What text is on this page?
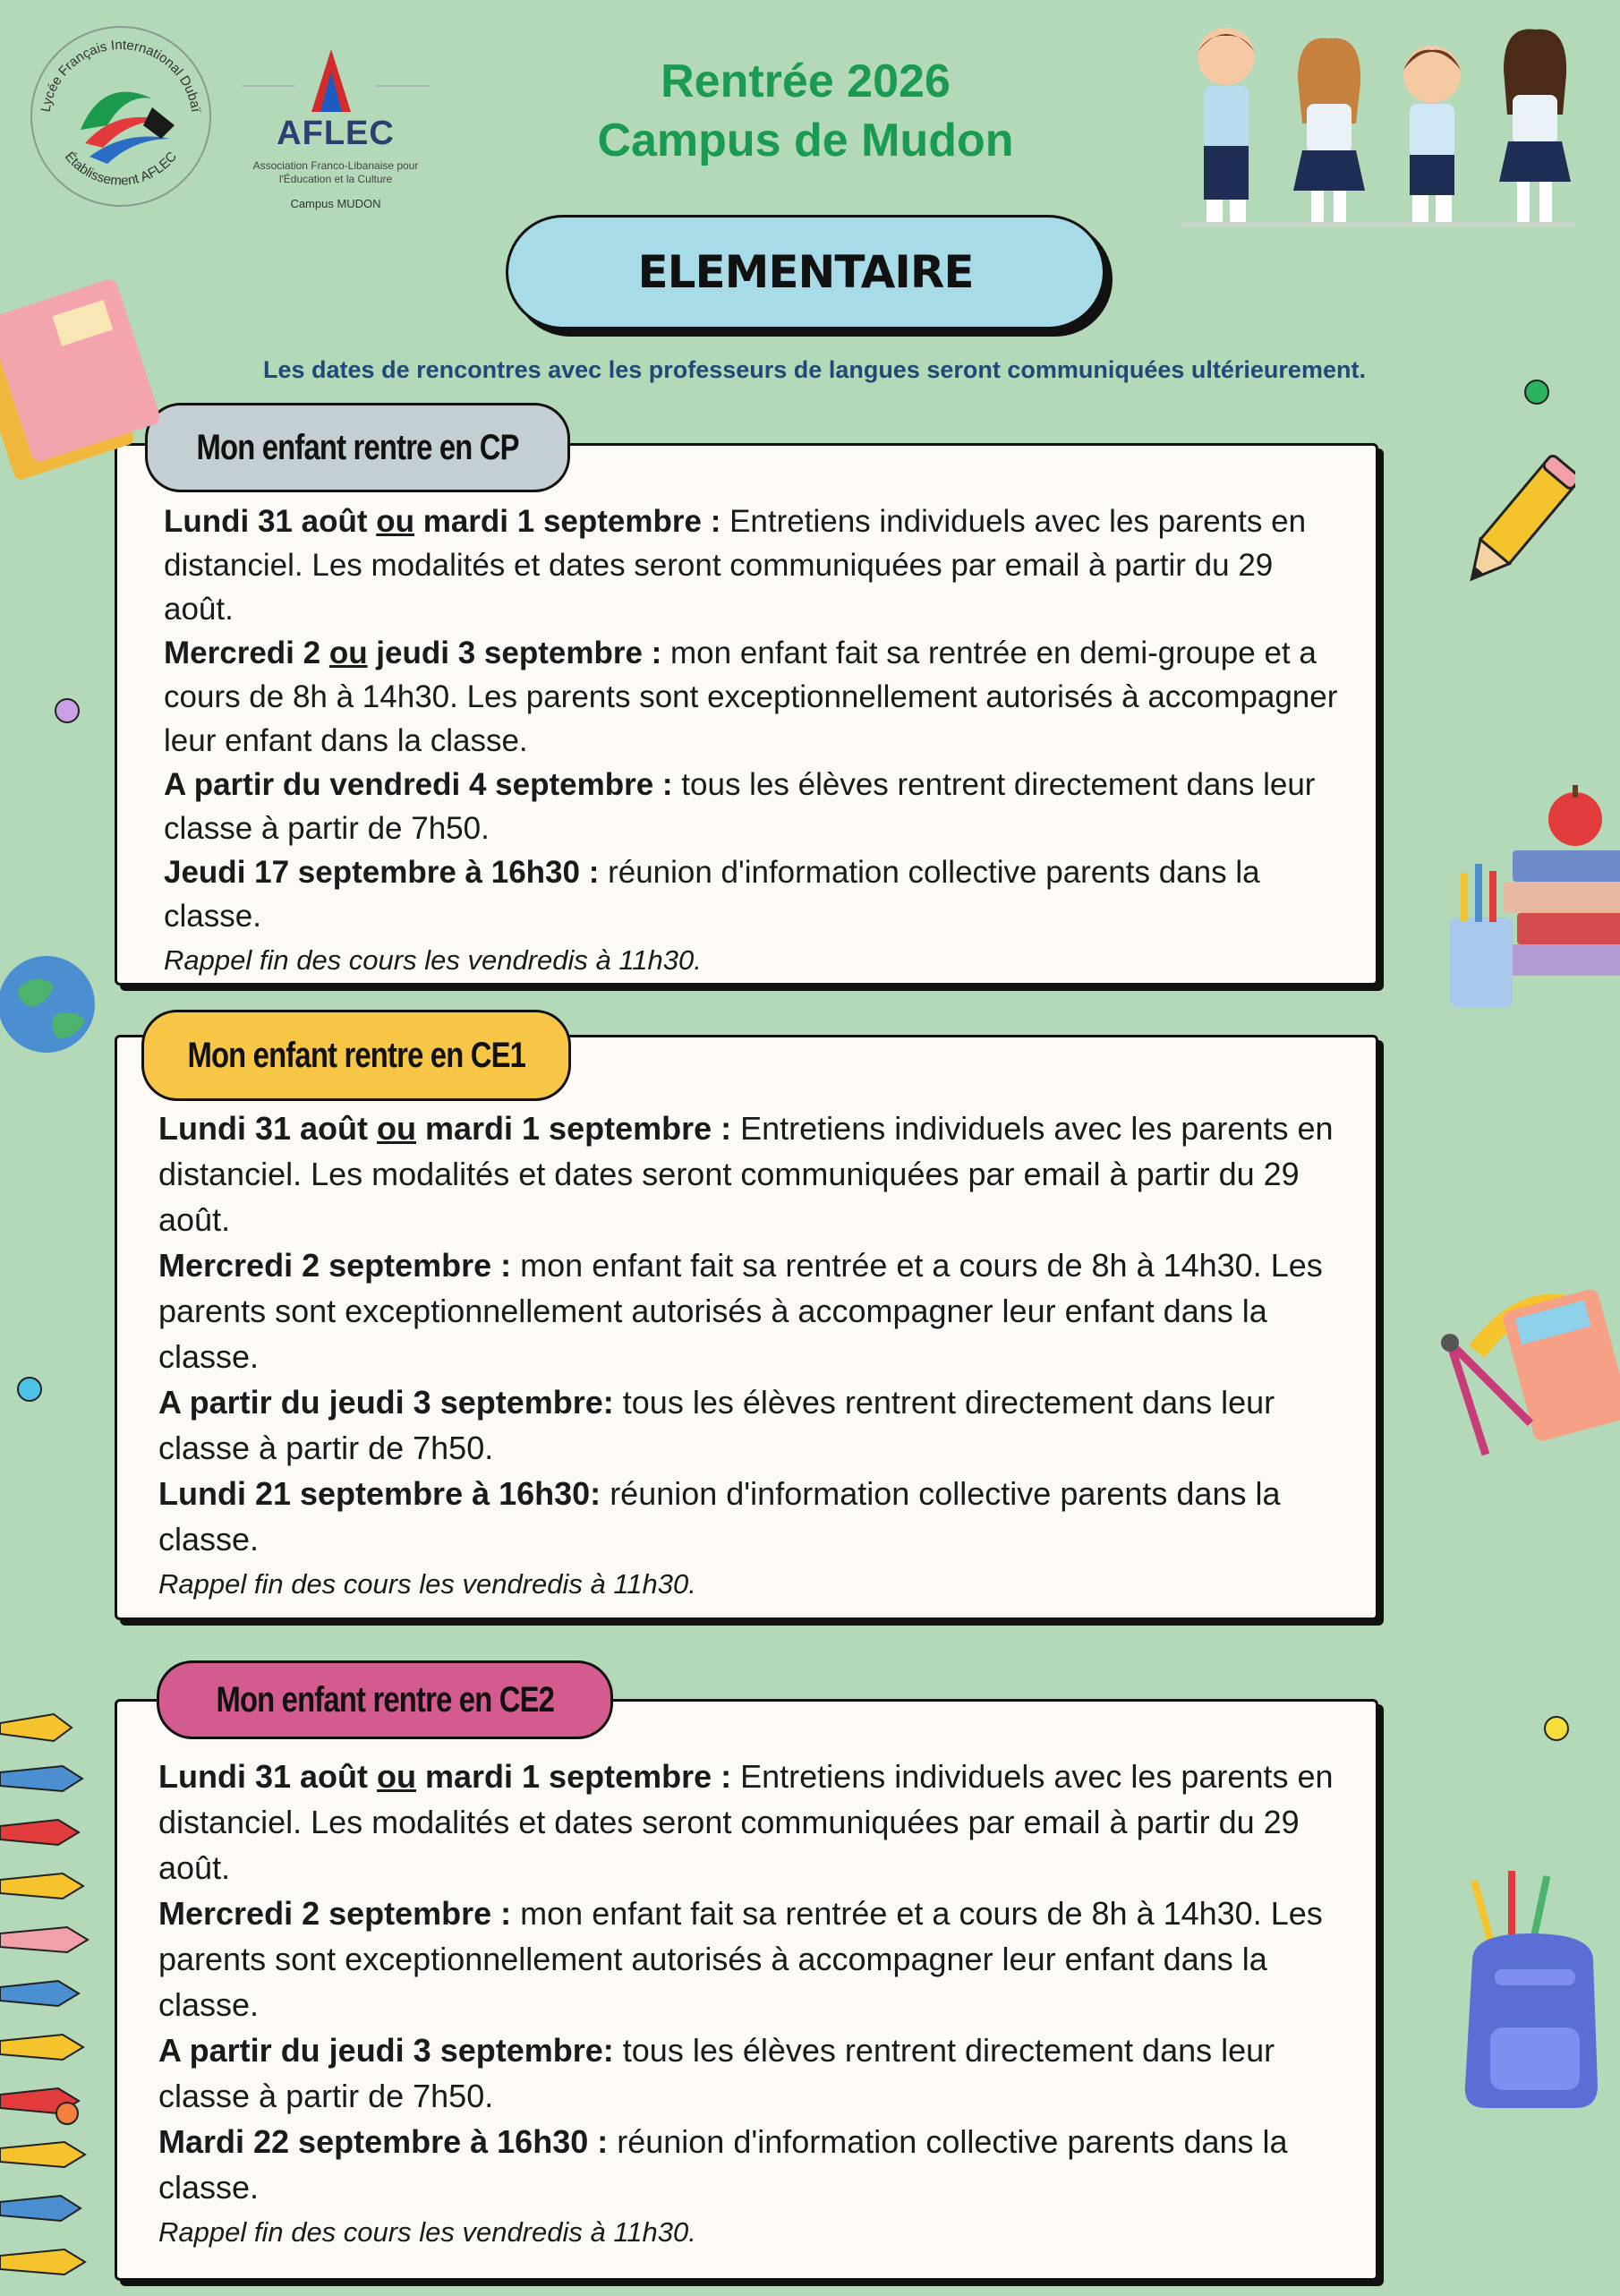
Lycée Français International Dubaï
Établissement AFLEC
AFLEC
Association Franco-Libanaise pour l'Éducation et la Culture
Campus MUDON
Rentrée 2026
Campus de Mudon
ELEMENTAIRE
Les dates de rencontres avec les professeurs de langues seront communiquées ultérieurement.

Lundi 31 août ou mardi 1 septembre : Entretiens individuels avec les parents en distanciel. Les modalités et dates seront communiquées par email à partir du 29 août.

Mercredi 2 ou jeudi 3 septembre : mon enfant fait sa rentrée en demi-groupe et a cours de 8h à 14h30. Les parents sont exceptionnellement autorisés à accompagner leur enfant dans la classe.

A partir du vendredi 4 septembre : tous les élèves rentrent directement dans leur classe à partir de 7h50.

Jeudi 17 septembre à 16h30 : réunion d'information collective parents dans la classe.

Rappel fin des cours les vendredis à 11h30.

Mon enfant rentre en CP

Lundi 31 août ou mardi 1 septembre : Entretiens individuels avec les parents en distanciel. Les modalités et dates seront communiquées par email à partir du 29 août.

Mercredi 2 septembre : mon enfant fait sa rentrée et a cours de 8h à 14h30. Les parents sont exceptionnellement autorisés à accompagner leur enfant dans la classe.

A partir du jeudi 3 septembre: tous les élèves rentrent directement dans leur classe à partir de 7h50.

Lundi 21 septembre à 16h30: réunion d'information collective parents dans la classe.

Rappel fin des cours les vendredis à 11h30.

Mon enfant rentre en CE1

Lundi 31 août ou mardi 1 septembre : Entretiens individuels avec les parents en distanciel. Les modalités et dates seront communiquées par email à partir du 29 août.

Mercredi 2 septembre : mon enfant fait sa rentrée et a cours de 8h à 14h30. Les parents sont exceptionnellement autorisés à accompagner leur enfant dans la classe.

A partir du jeudi 3 septembre: tous les élèves rentrent directement dans leur classe à partir de 7h50.

Mardi 22 septembre à 16h30 : réunion d'information collective parents dans la classe.

Rappel fin des cours les vendredis à 11h30.

Mon enfant rentre en CE2
